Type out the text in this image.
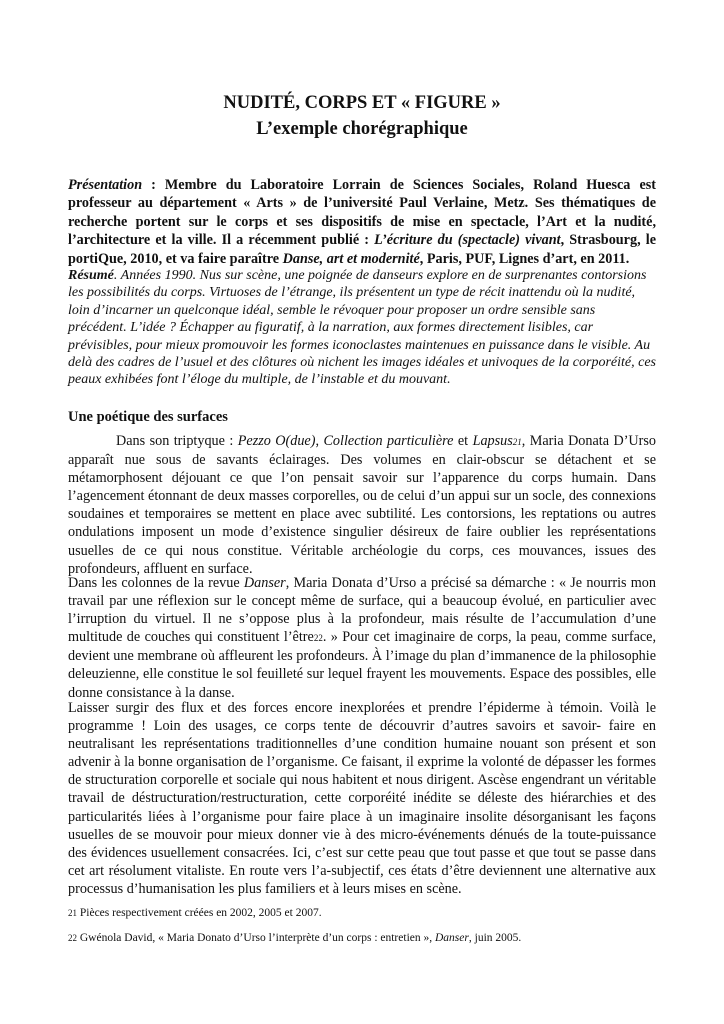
NUDITÉ, CORPS ET « FIGURE »
L’exemple chorégraphique
Présentation : Membre du Laboratoire Lorrain de Sciences Sociales, Roland Huesca est professeur au département « Arts » de l’université Paul Verlaine, Metz. Ses thématiques de recherche portent sur le corps et ses dispositifs de mise en spectacle, l’Art et la nudité, l’architecture et la ville. Il a récemment publié : L’écriture du (spectacle) vivant, Strasbourg, le portiQue, 2010, et va faire paraître Danse, art et modernité, Paris, PUF, Lignes d’art, en 2011.
Résumé. Années 1990. Nus sur scène, une poignée de danseurs explore en de surprenantes contorsions les possibilités du corps. Virtuoses de l’étrange, ils présentent un type de récit inattendu où la nudité, loin d’incarner un quelconque idéal, semble le révoquer pour proposer un ordre sensible sans précédent. L’idée ? Échapper au figuratif, à la narration, aux formes directement lisibles, car prévisibles, pour mieux promouvoir les formes iconoclastes maintenues en puissance dans le visible. Au delà des cadres de l’usuel et des clôtures où nichent les images idéales et univoques de la corporéité, ces peaux exhibées font l’éloge du multiple, de l’instable et du mouvant.
Une poétique des surfaces
Dans son triptyque : Pezzo O(due), Collection particulière et Lapsus21, Maria Donata D’Urso apparaît nue sous de savants éclairages. Des volumes en clair-obscur se détachent et se métamorphosent déjouant ce que l’on pensait savoir sur l’apparence du corps humain. Dans l’agencement étonnant de deux masses corporelles, ou de celui d’un appui sur un socle, des connexions soudaines et temporaires se mettent en place avec subtilité. Les contorsions, les reptations ou autres ondulations imposent un mode d’existence singulier désireux de faire oublier les représentations usuelles de ce qui nous constitue. Véritable archéologie du corps, ces mouvances, issues des profondeurs, affluent en surface.
Dans les colonnes de la revue Danser, Maria Donata d’Urso a précisé sa démarche : « Je nourris mon travail par une réflexion sur le concept même de surface, qui a beaucoup évolué, en particulier avec l’irruption du virtuel. Il ne s’oppose plus à la profondeur, mais résulte de l’accumulation d’une multitude de couches qui constituent l’être22. » Pour cet imaginaire de corps, la peau, comme surface, devient une membrane où affleurent les profondeurs. À l’image du plan d’immanence de la philosophie deleuzienne, elle constitue le sol feuilleté sur lequel frayent les mouvements. Espace des possibles, elle donne consistance à la danse.
Laisser surgir des flux et des forces encore inexplorées et prendre l’épiderme à témoin. Voilà le programme ! Loin des usages, ce corps tente de découvrir d’autres savoirs et savoir- faire en neutralisant les représentations traditionnelles d’une condition humaine nouant son présent et son advenir à la bonne organisation de l’organisme. Ce faisant, il exprime la volonté de dépasser les formes de structuration corporelle et sociale qui nous habitent et nous dirigent. Ascèse engendrant un véritable travail de déstructuration/restructuration, cette corporéité inédite se déleste des hiérarchies et des particularités liées à l’organisme pour faire place à un imaginaire insolite désorganisant les façons usuelles de se mouvoir pour mieux donner vie à des micro-événements dénués de la toute-puissance des évidences usuellement consacrées. Ici, c’est sur cette peau que tout passe et que tout se passe dans cet art résolument vitaliste. En route vers l’a-subjectif, ces états d’être deviennent une alternative aux processus d’humanisation les plus familiers et à leurs mises en scène.
21 Pièces respectivement créées en 2002, 2005 et 2007.
22 Gwénola David, « Maria Donato d’Urso l’interprète d’un corps : entretien », Danser, juin 2005.
